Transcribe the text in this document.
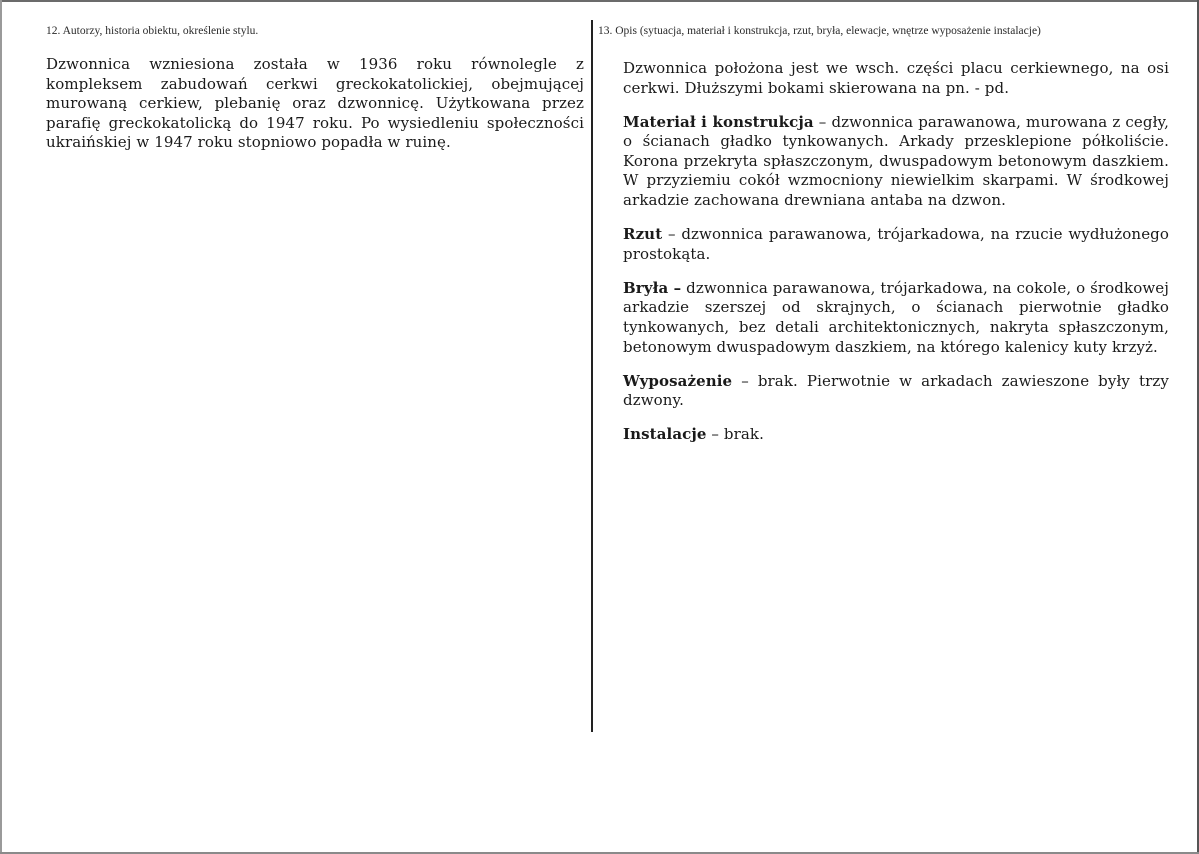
12. Autorzy, historia obiektu, określenie stylu.	13. Opis (sytuacja, materiał i konstrukcja, rzut, bryła, elewacje, wnętrze wyposażenie instalacje)

Dzwonnica wzniesiona została w 1936 roku równolegle z kompleksem zabudowań cerkwi greckokatolickiej, obejmującej murowaną cerkiew, plebanię oraz dzwonnicę. Użytkowana przez parafię greckokatolicką do 1947 roku. Po wysiedleniu społeczności ukraińskiej w 1947 roku stopniowo popadła w ruinę.

Dzwonnica położona jest we wsch. części placu cerkiewnego, na osi cerkwi. Dłuższymi bokami skierowana na pn. - pd.

Materiał i konstrukcja – dzwonnica parawanowa, murowana z cegły, o ścianach gładko tynkowanych. Arkady przesklepione półkoliście. Korona przekryta spłaszczonym, dwuspadowym betonowym daszkiem. W przyziemiu cokół wzmocniony niewielkim skarpami. W środkowej arkadzie zachowana drewniana antaba na dzwon.

Rzut – dzwonnica parawanowa, trójarkadowa, na rzucie wydłużonego prostokąta.

Bryła – dzwonnica parawanowa, trójarkadowa, na cokole, o środkowej arkadzie szerszej od skrajnych, o ścianach pierwotnie gładko tynkowanych, bez detali architektonicznych, nakryta spłaszczonym, betonowym dwuspadowym daszkiem, na którego kalenicy kuty krzyż.

Wyposażenie – brak. Pierwotnie w arkadach zawieszone były trzy dzwony.

Instalacje – brak.
